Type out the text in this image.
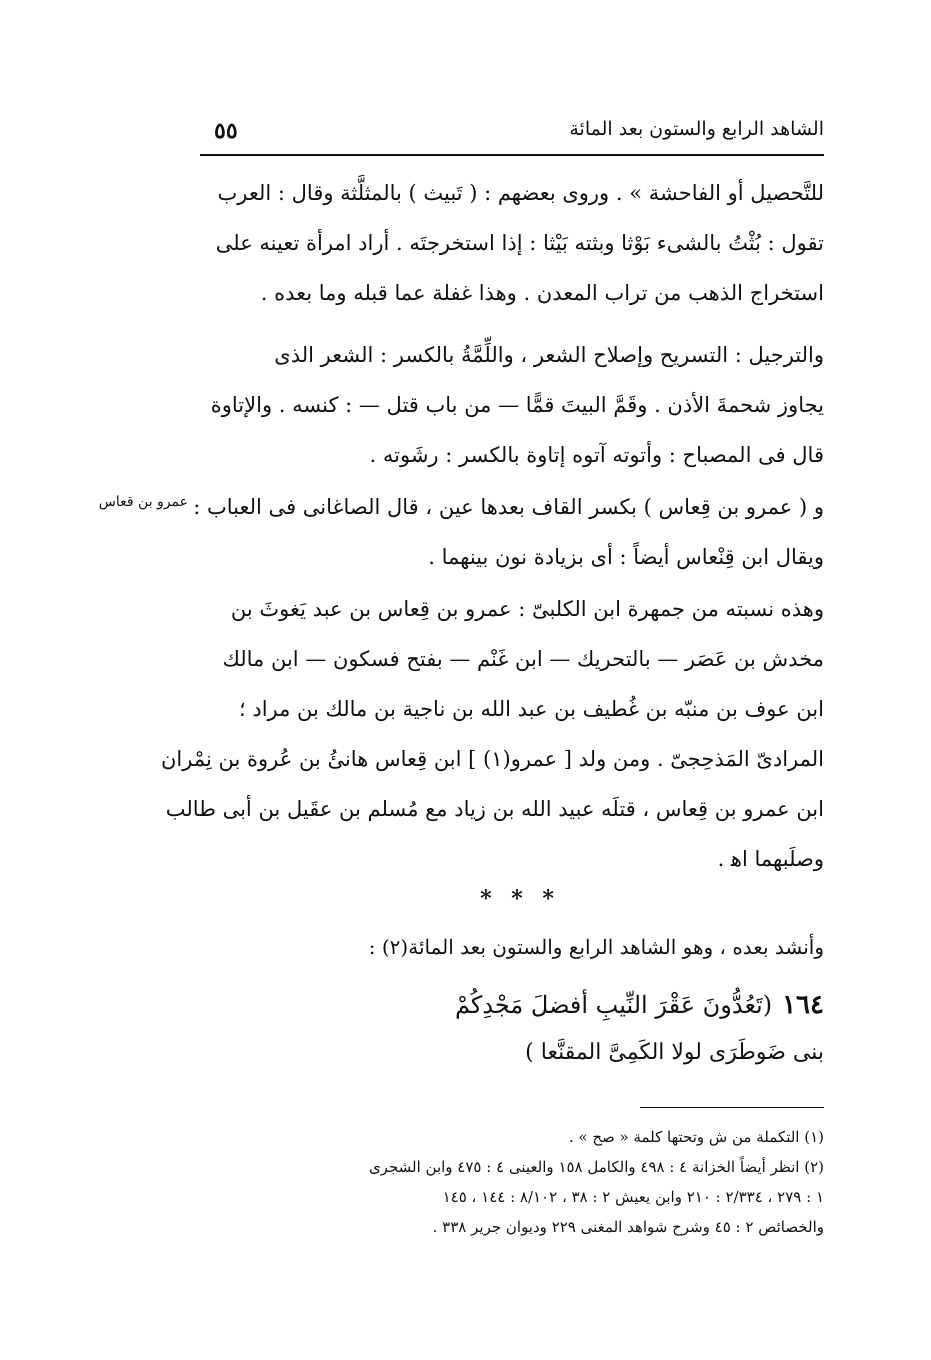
الشاهد الرابع والستون بعد المائة
٥٥
للتَّحصيل أو الفاحشة » . وروى بعضهم : ( تَبيث ) بالمثلَّثة وقال : العرب
تقول : بُثْتُ بالشىء بَوْثا وبثته بَيْثا : إذا استخرجتَه . أراد امرأة تعينه على
استخراج الذهب من تراب المعدن . وهذا غفلة عما قبله وما بعده .
والترجيل : التسريح وإصلاح الشعر ، واللِّمَّةُ بالكسر : الشعر الذى
يجاوز شحمةَ الأذن . وقَمَّ البيتَ قمًّا — من باب قتل — : كنسه . والإتاوة
قال فى المصباح : وأتوته آتوه إتاوة بالكسر : رشَوته .
و ( عمرو بن قِعاس ) بكسر القاف بعدها عين ، قال الصاغانى فى العباب :
ويقال ابن قِنْعاس أيضاً : أى بزيادة نون بينهما .
عمرو بن قعاس
وهذه نسبته من جمهرة ابن الكلبىّ : عمرو بن قِعاس بن عبد يَغوثَ بن
مخدش بن عَصَر — بالتحريك — ابن غَنْم — بفتح فسكون — ابن مالك
ابن عوف بن منبّه بن غُطيف بن عبد الله بن ناجية بن مالك بن مراد ؛
المرادىّ المَذحِجىّ . ومن ولد [ عمرو(١) ] ابن قِعاس هانئُ بن عُروة بن نِمْران
ابن عمرو بن قِعاس ، قتلَه عبيد الله بن زياد مع مُسلم بن عقَيل بن أبى طالب
وصلَبهما اﻫ .
* * *
وأنشد بعده ، وهو الشاهد الرابع والستون بعد المائة(٢) :
١٦٤(تَعُدُّونَ عَقْرَ النِّيبِ أفضلَ مَجْدِكُمْ
بنى ضَوطَرَى لولا الكَمِىَّ المقنَّعا )
(١) التكملة من ش وتحتها كلمة « صح » .
(٢) انظر أيضاً الخزانة ٤ : ٤٩٨ والكامل ١٥٨ والعينى ٤ : ٤٧٥ وابن الشجرى
١ : ٢٧٩ ، ٢/٣٣٤ : ٢١٠ وابن يعيش ٢ : ٣٨ ، ٨/١٠٢ : ١٤٤ ، ١٤٥
والخصائص ٢ : ٤٥ وشرح شواهد المغنى ٢٢٩ وديوان جرير ٣٣٨ .
